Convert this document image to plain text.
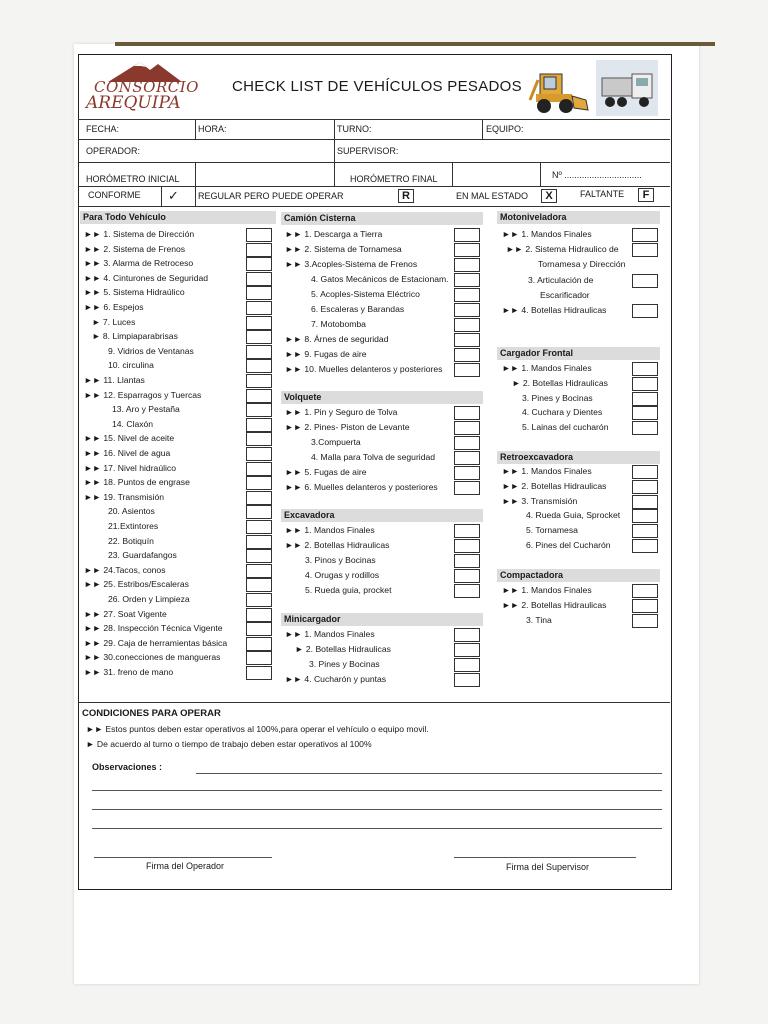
CONSORCIO
AREQUIPA
CHECK LIST DE VEHÍCULOS PESADOS
FECHA:	HORA:	TURNO:	EQUIPO:
OPERADOR:	SUPERVISOR:
HORÓMETRO INICIAL	HORÓMETRO FINAL	Nº ...............................
CONFORME ✓ REGULAR PERO PUEDE OPERAR	R	EN MAL ESTADO	X	FALTANTE	F
Para Todo Vehículo	Camión Cisterna
Volquete
Excavadora
Minicargador
Motoniveladora
Cargador Frontal
Retroexcavadora
Compactadora
►► 1. Sistema de Dirección
►► 2. Sistema de Frenos
►► 3. Alarma de Retroceso
►► 4. Cinturones de Seguridad
►► 5. Sistema Hidraúlico
►► 6. Espejos
► 7. Luces
► 8. Limpiaparabrisas
9. Vidrios de Ventanas
10. circulina
►► 11. Llantas
►► 12. Esparragos y Tuercas
13. Aro y Pestaña
14. Claxón
►► 15. Nivel de aceite
►► 16. Nivel de agua
►► 17. Nivel hidraúlico
►► 18. Puntos de engrase
►► 19. Transmisión
20. Asientos
21.Extintores
22. Botiquín
23. Guardafangos
►► 24.Tacos, conos
►► 25. Estribos/Escaleras
26. Orden y Limpieza
►► 27. Soat Vigente
►► 28. Inspección Técnica Vigente
►► 29. Caja de herramientas básica
►► 30.conecciones de mangueras
►► 31. freno de mano
►► 1. Descarga a Tierra
►► 2. Sistema de Tornamesa
►► 3.Acoples-Sistema de Frenos
4. Gatos Mecánicos de Estacionam.
5. Acoples-Sistema Eléctrico
6. Escaleras y Barandas
7. Motobomba
►► 8. Árnes de seguridad
►► 9. Fugas de aire
►► 10. Muelles delanteros y posteriores
►► 1. Pin y Seguro de Tolva
►► 2. Pines- Piston de Levante
3.Compuerta
4. Malla para Tolva de seguridad
►► 5. Fugas de aire
►► 6. Muelles delanteros y posteriores
►► 1. Mandos Finales
►► 2. Botellas Hidraulicas
3. Pinos y Bocinas
4. Orugas y rodillos
5. Rueda guia, procket
►► 1. Mandos Finales
► 2. Botellas Hidraulicas
3. Pines y Bocinas
►► 4. Cucharón y puntas
►► 1. Mandos Finales
►► 2. Sistema Hidraulico de
Tornamesa y Dirección
3. Articulación de
Escarificador
►► 4. Botellas Hidraulicas
►► 1. Mandos Finales
► 2. Botellas Hidraulicas
3. Pines y Bocinas
4. Cuchara y Dientes
5. Lainas del cucharón
►► 1. Mandos Finales
►► 2. Botellas Hidraulicas
►► 3. Transmisión
4. Rueda Guia, Sprocket
5. Tornamesa
6. Pines del Cucharón
►► 1. Mandos Finales
►► 2. Botellas Hidraulicas
3. Tina
CONDICIONES PARA OPERAR
►► Estos puntos deben estar operativos al 100%,para operar el vehículo o equipo movil.
► De acuerdo al turno o tiempo de trabajo deben estar operativos al 100%
Observaciones :
Firma del Operador	Firma del Supervisor
